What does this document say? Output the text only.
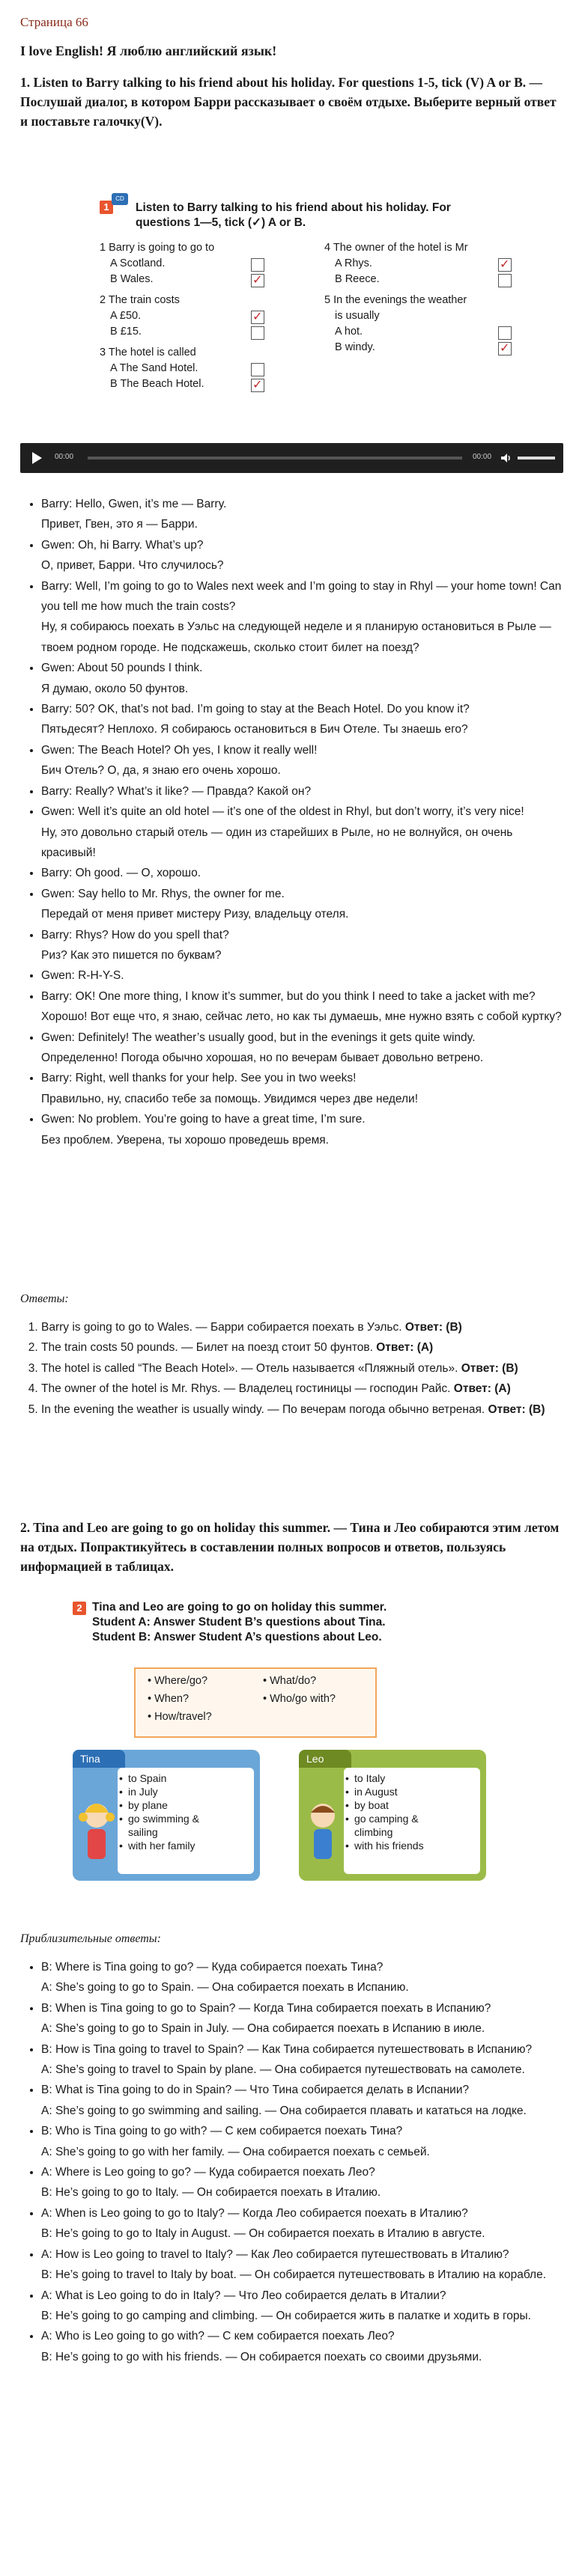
Страница 66
I love English! Я люблю английский язык!
1. Listen to Barry talking to his friend about his holiday. For questions 1-5, tick (V) A or B. — Послушай диалог, в котором Барри рассказывает о своём отдыхе. Выберите верный ответ и поставьте галочку(V).
1
CD
Listen to Barry talking to his friend about his holiday. For questions 1—5, tick (✓) A or B.
1 Barry is going to go to
A Scotland.
B Wales.	✓
2 The train costs
A £50.	✓
B £15.
3 The hotel is called
A The Sand Hotel.
B The Beach Hotel.	✓
4 The owner of the hotel is Mr
A Rhys.	✓
B Reece.
5 In the evenings the weather
is usually
A hot.
B windy.	✓
00:00	00:00
• Barry: Hello, Gwen, it’s me — Barry.
Привет, Гвен, это я — Барри.
• Gwen: Oh, hi Barry. What’s up?
О, привет, Барри. Что случилось?
• Barry: Well, I’m going to go to Wales next week and I’m going to stay in Rhyl — your home town! Can you tell me how much the train costs?
Ну, я собираюсь поехать в Уэльс на следующей неделе и я планирую остановиться в Рыле — твоем родном городе. Не подскажешь, сколько стоит билет на поезд?
• Gwen: About 50 pounds I think.
Я думаю, около 50 фунтов.
• Barry: 50? OK, that’s not bad. I’m going to stay at the Beach Hotel. Do you know it?
Пятьдесят? Неплохо. Я собираюсь остановиться в Бич Отеле. Ты знаешь его?
• Gwen: The Beach Hotel? Oh yes, I know it really well!
Бич Отель? О, да, я знаю его очень хорошо.
• Barry: Really? What’s it like? — Правда? Какой он?
• Gwen: Well it’s quite an old hotel — it’s one of the oldest in Rhyl, but don’t worry, it’s very nice!
Ну, это довольно старый отель — один из старейших в Рыле, но не волнуйся, он очень красивый!
• Barry: Oh good. — О, хорошо.
• Gwen: Say hello to Mr. Rhys, the owner for me.
Передай от меня привет мистеру Ризу, владельцу отеля.
• Barry: Rhys? How do you spell that?
Риз? Как это пишется по буквам?
• Gwen: R-H-Y-S.
• Barry: OK! One more thing, I know it’s summer, but do you think I need to take a jacket with me?
Хорошо! Вот еще что, я знаю, сейчас лето, но как ты думаешь, мне нужно взять с собой куртку?
• Gwen: Definitely! The weather’s usually good, but in the evenings it gets quite windy.
Определенно! Погода обычно хорошая, но по вечерам бывает довольно ветрено.
• Barry: Right, well thanks for your help. See you in two weeks!
Правильно, ну, спасибо тебе за помощь. Увидимся через две недели!
• Gwen: No problem. You’re going to have a great time, I’m sure.
Без проблем. Уверена, ты хорошо проведешь время.
Ответы:
1. Barry is going to go to Wales. — Барри собирается поехать в Уэльс. Ответ: (B)
2. The train costs 50 pounds. — Билет на поезд стоит 50 фунтов. Ответ: (A)
3. The hotel is called “The Beach Hotel». — Отель называется «Пляжный отель». Ответ: (B)
4. The owner of the hotel is Mr. Rhys. — Владелец гостиницы — господин Райс. Ответ: (A)
5. In the evening the weather is usually windy. — По вечерам погода обычно ветреная. Ответ: (B)
2. Tina and Leo are going to go on holiday this summer. — Тина и Лео собираются этим летом на отдых. Попрактикуйтесь в составлении полных вопросов и ответов, пользуясь информацией в таблицах.
2 Tina and Leo are going to go on holiday this summer.
Student A: Answer Student B’s questions about Tina.
Student B: Answer Student A’s questions about Leo.
• Where/go?
• When?
• How/travel?
• What/do?
• Who/go with?
Tina
• to Spain
• in July
• by plane
• go swimming &
sailing
• with her family
Leo
• to Italy
• in August
• by boat
• go camping &
climbing
• with his friends
Приблизительные ответы:
• B: Where is Tina going to go? — Куда собирается поехать Тина?
A: She’s going to go to Spain. — Она собирается поехать в Испанию.
• B: When is Tina going to go to Spain? — Когда Тина собирается поехать в Испанию?
A: She’s going to go to Spain in July. — Она собирается поехать в Испанию в июле.
• B: How is Tina going to travel to Spain? — Как Тина собирается путешествовать в Испанию?
A: She’s going to travel to Spain by plane. — Она собирается путешествовать на самолете.
• B: What is Tina going to do in Spain? — Что Тина собирается делать в Испании?
A: She’s going to go swimming and sailing. — Она собирается плавать и кататься на лодке.
• B: Who is Tina going to go with? — С кем собирается поехать Тина?
A: She’s going to go with her family. — Она собирается поехать с семьей.
• A: Where is Leo going to go? — Куда собирается поехать Лео?
B: He’s going to go to Italy. — Он собирается поехать в Италию.
• A: When is Leo going to go to Italy? — Когда Лео собирается поехать в Италию?
B: He’s going to go to Italy in August. — Он собирается поехать в Италию в августе.
• A: How is Leo going to travel to Italy? — Как Лео собирается путешествовать в Италию?
B: He’s going to travel to Italy by boat. — Он собирается путешествовать в Италию на корабле.
• A: What is Leo going to do in Italy? — Что Лео собирается делать в Италии?
B: He’s going to go camping and climbing. — Он собирается жить в палатке и ходить в горы.
• A: Who is Leo going to go with? — С кем собирается поехать Лео?
B: He’s going to go with his friends. — Он собирается поехать со своими друзьями.
